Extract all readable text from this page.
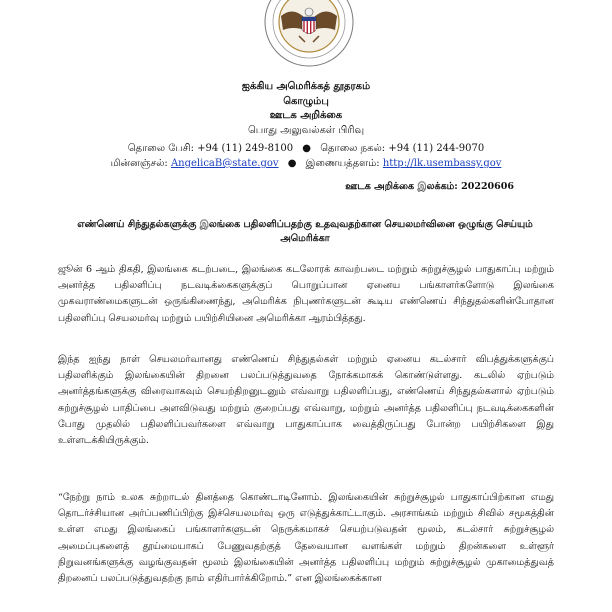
ஐக்கிய அமெரிக்கத் தூதரகம்
கொழும்பு
ஊடக அறிக்கை
பொது அலுவல்கள் பிரிவு
தொலை பேசி: +94 (11) 249-8100 ● தொலை நகல்: +94 (11) 244-9070
மின்னஞ்சல்: AngelicaB@state.gov ● இணையத்தளம்: http://lk.usembassy.gov
ஊடக அறிக்கை இலக்கம்: 20220606
எண்ணெய் சிந்துதல்களுக்கு இலங்கை பதிலளிப்பதற்கு உதவுவதற்கான செயலமர்வினை ஒழுங்கு செய்யும் அமெரிக்கா
ஜூன் 6 ஆம் திகதி, இலங்கை கடற்படை, இலங்கை கடலோரக் காவற்படை மற்றும் சுற்றுச்சூழல் பாதுகாப்பு மற்றும் அனர்த்த பதிலளிப்பு நடவடிக்கைகளுக்குப் பொறுப்பான ஏனைய பங்காளர்களோடு இலங்கை முகவராண்மைகளுடன் ஒருங்கிணைந்து, அமெரிக்க நிபுணர்களுடன் கூடிய எண்ணெய் சிந்துதல்களின்போதான பதிலளிப்பு செயலமர்வு மற்றும் பயிற்சியினை அமெரிக்கா ஆரம்பித்தது.
இந்த ஐந்து நாள் செயலமர்வானது எண்ணெய் சிந்துதல்கள் மற்றும் ஏனைய கடல்சார் விபத்துக்களுக்குப் பதிலளிக்கும் இலங்கையின் திறனை பலப்படுத்துவதை நோக்கமாகக் கொண்டுள்ளது. கடலில் ஏற்படும் அனர்த்தங்களுக்கு விரைவாகவும் செயற்திறனுடனும் எவ்வாறு பதிலளிப்பது, எண்ணெய் சிந்துதல்களால் ஏற்படும் சுற்றுச்சூழல் பாதிப்பை அளவிடுவது மற்றும் குறைப்பது எவ்வாறு, மற்றும் அனர்த்த பதிலளிப்பு நடவடிக்கைகளின் போது முதலில் பதிலளிப்பவர்களை எவ்வாறு பாதுகாப்பாக வைத்திருப்பது போன்ற பயிற்சிகளை இது உள்ளடக்கியிருக்கும்.
“நேற்று நாம் உலக சுற்றாடல் தினத்தை கொண்டாடினோம். இலங்கையின் சுற்றுச்சூழல் பாதுகாப்பிற்கான எமது தொடர்ச்சியான அர்ப்பணிப்பிற்கு இச்செயலமர்வு ஒரு எடுத்துக்காட்டாகும். அரசாங்கம் மற்றும் சிவில் சமூகத்தின் உள்ள எமது இலங்கைப் பங்காளர்களுடன் நெருக்கமாகச் செயற்படுவதன் மூலம், கடல்சார் சுற்றுச்சூழல் அமைப்புகளைத் தூய்மையாகப் பேணுவதற்குத் தேவையான வளங்கள் மற்றும் திறன்களை உள்ளூர் நிறுவனங்களுக்கு வழங்குவதன் மூலம் இலங்கையின் அனர்த்த பதிலளிப்பு மற்றும் சுற்றுச்சூழல் முகாமைத்துவத் திறனைப் பலப்படுத்துவதற்கு நாம் எதிர்பார்க்கிறோம்.” என இலங்கைக்கான
